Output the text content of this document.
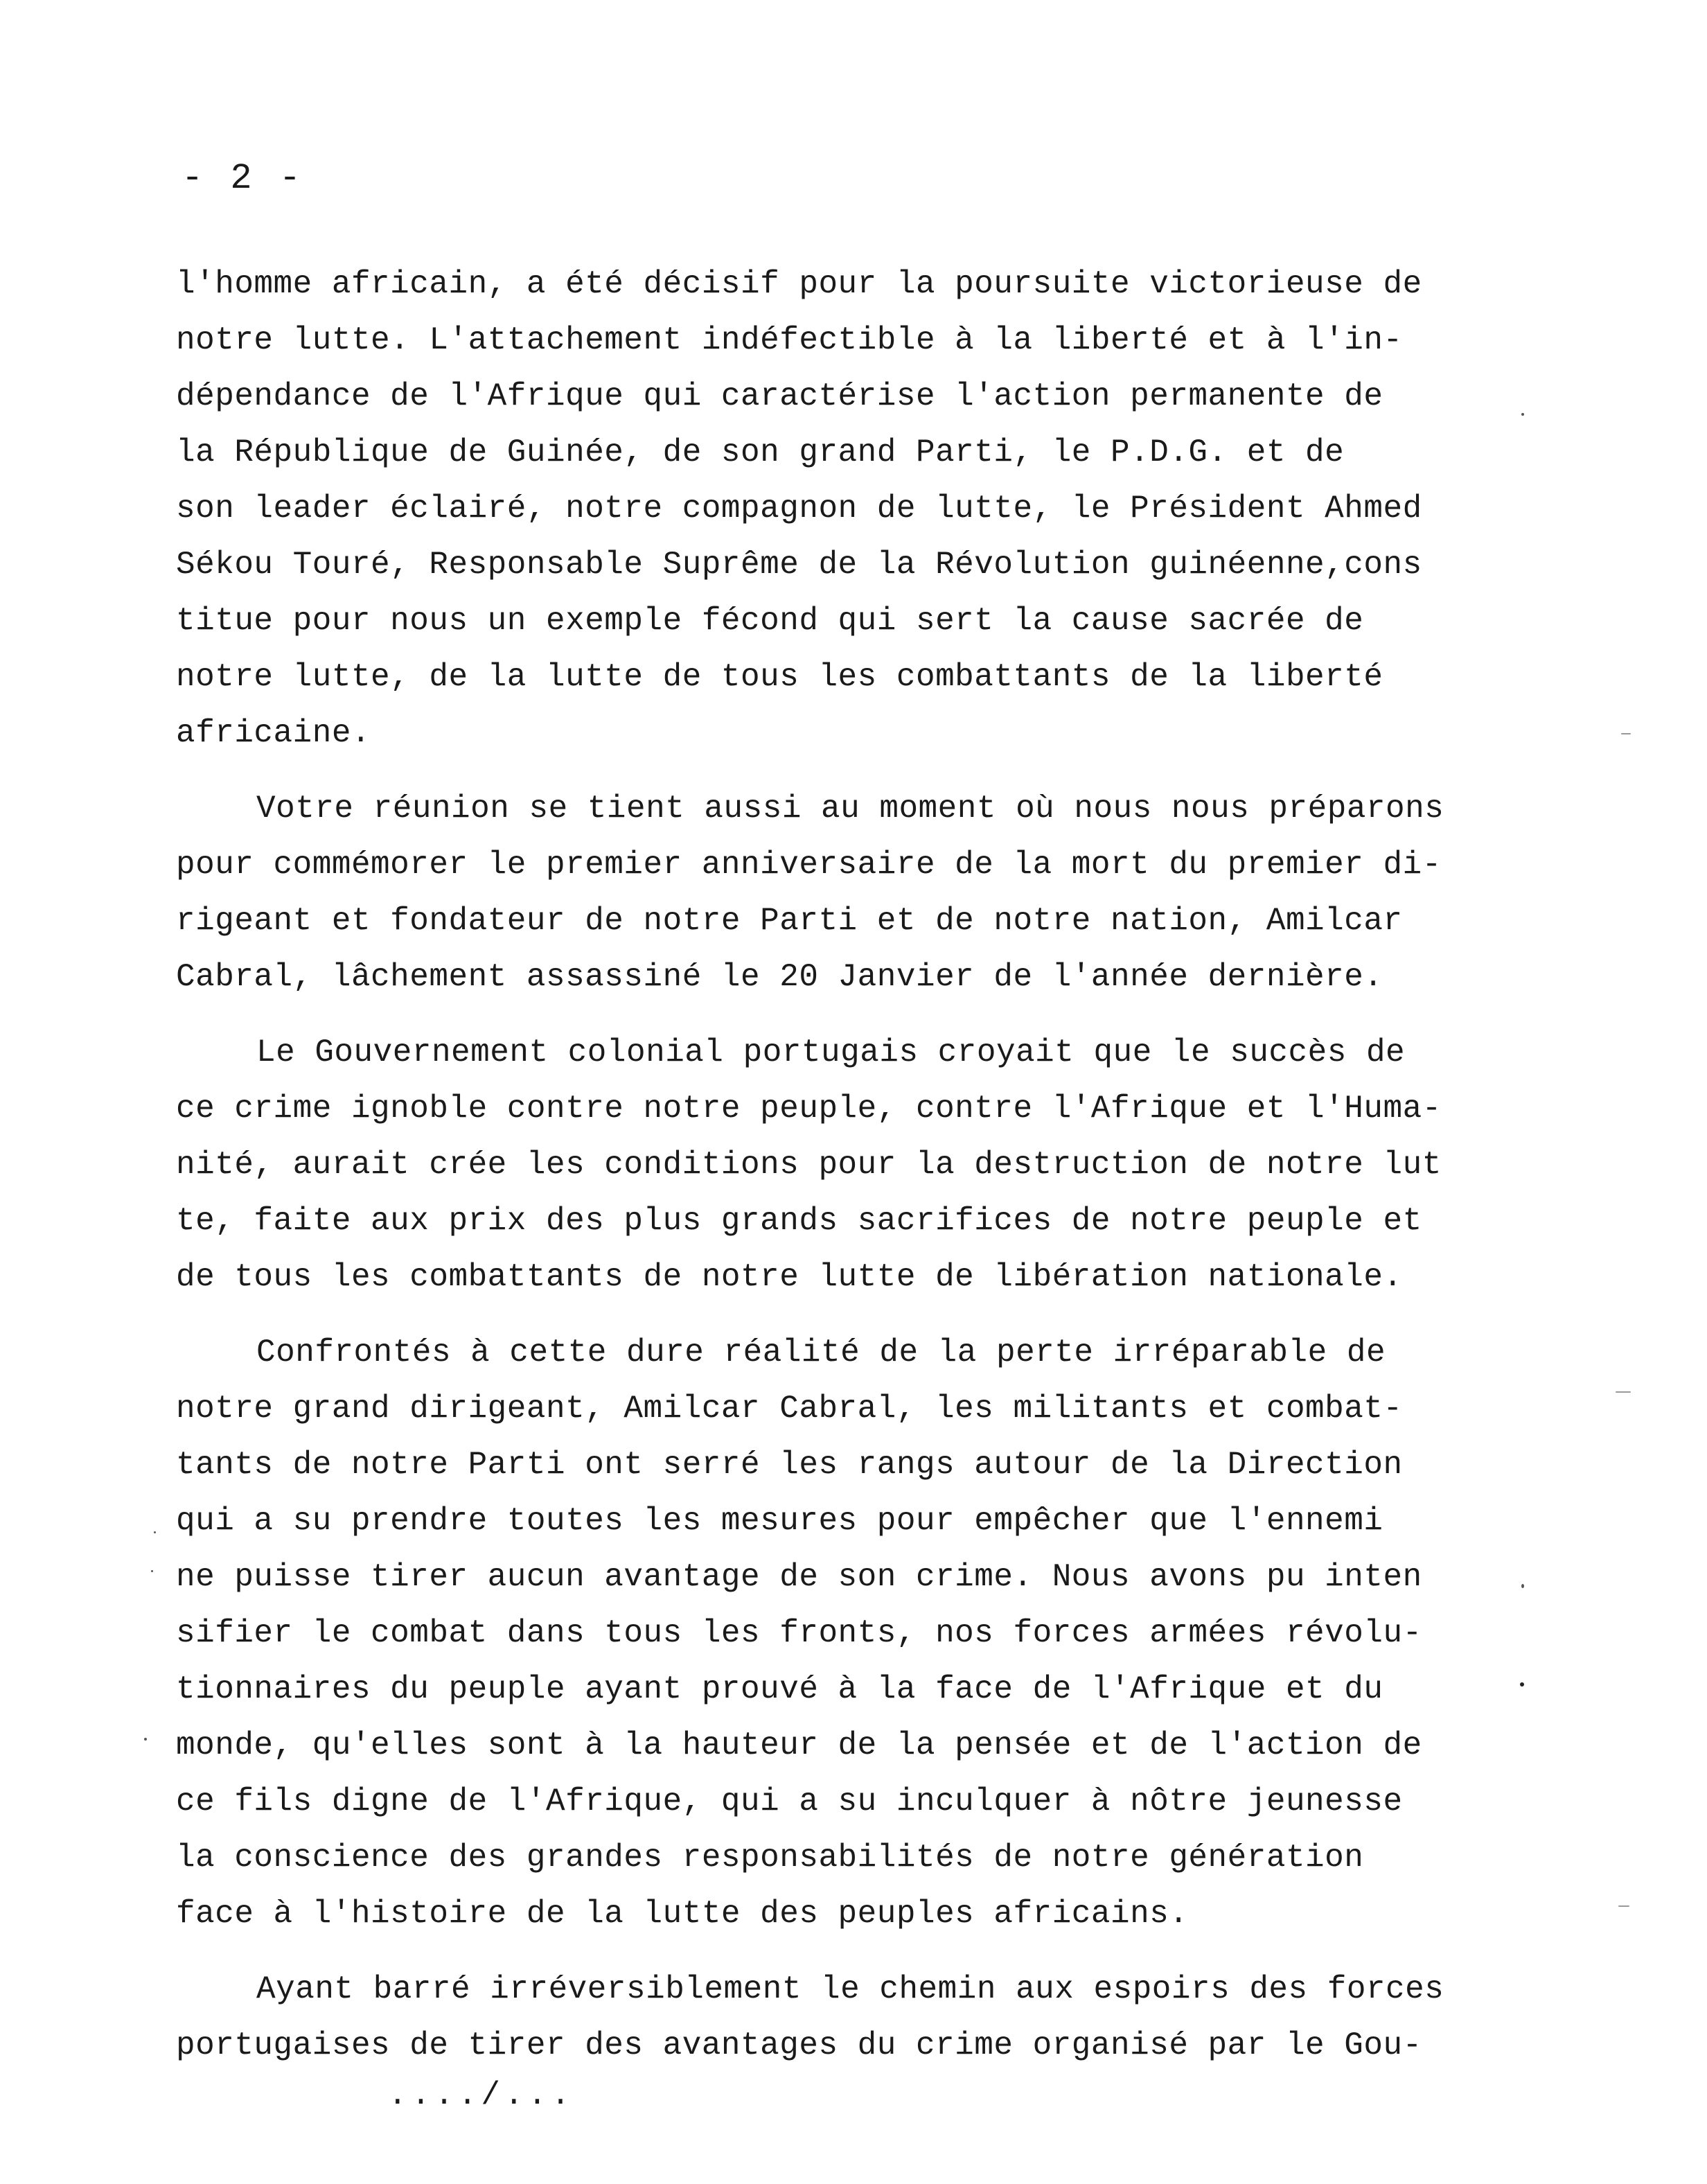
- 2 -
l'homme africain, a été décisif pour la poursuite victorieuse de
notre lutte. L'attachement indéfectible à la liberté et à l'in-
dépendance de l'Afrique qui caractérise l'action permanente de
la République de Guinée, de son grand Parti, le P.D.G. et de
son leader éclairé, notre compagnon de lutte, le Président Ahmed
Sékou Touré, Responsable Suprême de la Révolution guinéenne,cons
titue pour nous un exemple fécond qui sert la cause sacrée de
notre lutte, de la lutte de tous les combattants de la liberté
africaine.
Votre réunion se tient aussi au moment où nous nous préparons
pour commémorer le premier anniversaire de la mort du premier di-
rigeant et fondateur de notre Parti et de notre nation, Amilcar
Cabral, lâchement assassiné le 20 Janvier de l'année dernière.
Le Gouvernement colonial portugais croyait que le succès de
ce crime ignoble contre notre peuple, contre l'Afrique et l'Huma-
nité, aurait crée les conditions pour la destruction de notre lut
te, faite aux prix des plus grands sacrifices de notre peuple et
de tous les combattants de notre lutte de libération nationale.
Confrontés à cette dure réalité de la perte irréparable de
notre grand dirigeant, Amilcar Cabral, les militants et combat-
tants de notre Parti ont serré les rangs autour de la Direction
qui a su prendre toutes les mesures pour empêcher que l'ennemi
ne puisse tirer aucun avantage de son crime. Nous avons pu inten
sifier le combat dans tous les fronts, nos forces armées révolu-
tionnaires du peuple ayant prouvé à la face de l'Afrique et du
monde, qu'elles sont à la hauteur de la pensée et de l'action de
ce fils digne de l'Afrique, qui a su inculquer à nôtre jeunesse
la conscience des grandes responsabilités de notre génération
face à l'histoire de la lutte des peuples africains.
Ayant barré irréversiblement le chemin aux espoirs des forces
portugaises de tirer des avantages du crime organisé par le Gou-
..../...
